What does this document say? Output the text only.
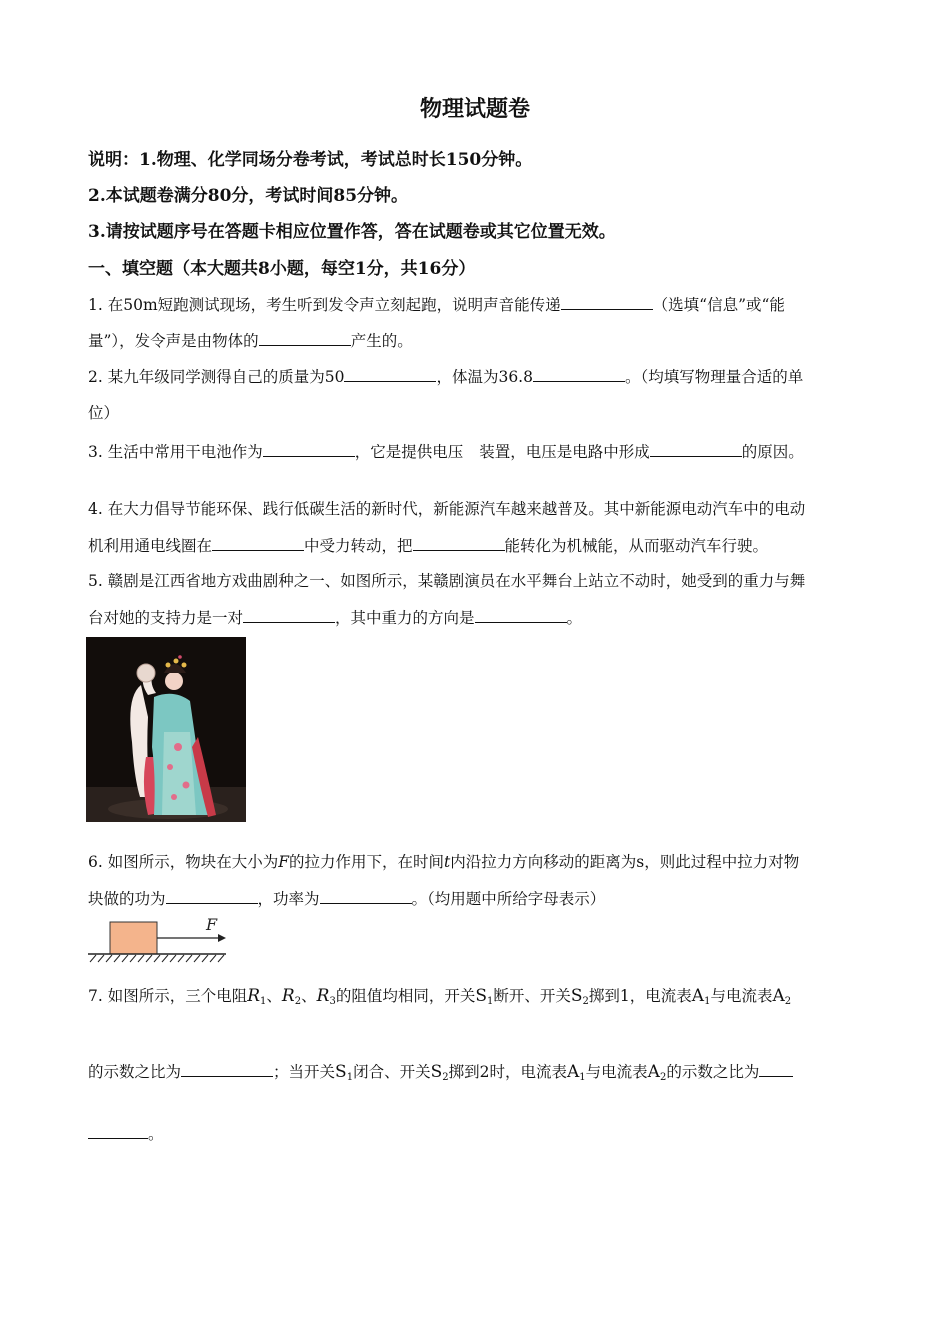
物理试题卷
说明：1.物理、化学同场分卷考试，考试总时长150分钟。
2.本试题卷满分80分，考试时间85分钟。
3.请按试题序号在答题卡相应位置作答，答在试题卷或其它位置无效。
一、填空题（本大题共8小题，每空1分，共16分）
1. 在50m短跑测试现场，考生听到发令声立刻起跑，说明声音能传递	（选填“信息”或“能
量”），发令声是由物体的	产生的。
2. 某九年级同学测得自己的质量为50	，体温为36.8	。（均填写物理量合适的单
位）
3. 生活中常用干电池作为	，它是提供电压 装置，电压是电路中形成	的原因。
4. 在大力倡导节能环保、践行低碳生活的新时代，新能源汽车越来越普及。其中新能源电动汽车中的电动
机利用通电线圈在	中受力转动，把	能转化为机械能，从而驱动汽车行驶。
5. 赣剧是江西省地方戏曲剧种之一、如图所示，某赣剧演员在水平舞台上站立不动时，她受到的重力与舞
台对她的支持力是一对	，其中重力的方向是	。
6. 如图所示，物块在大小为F的拉力作用下，在时间t内沿拉力方向移动的距离为s，则此过程中拉力对物
块做的功为	，功率为	。（均用题中所给字母表示）
F
7. 如图所示，三个电阻$R_1$、$R_2$、$R_3$的阻值均相同，开关$S_1$断开、开关$S_2$掷到1，电流表$A_1$与电流表$A_2$
的示数之比为	；当开关$S_1$闭合、开关$S_2$掷到2时，电流表$A_1$与电流表$A_2$的示数之比为
。
